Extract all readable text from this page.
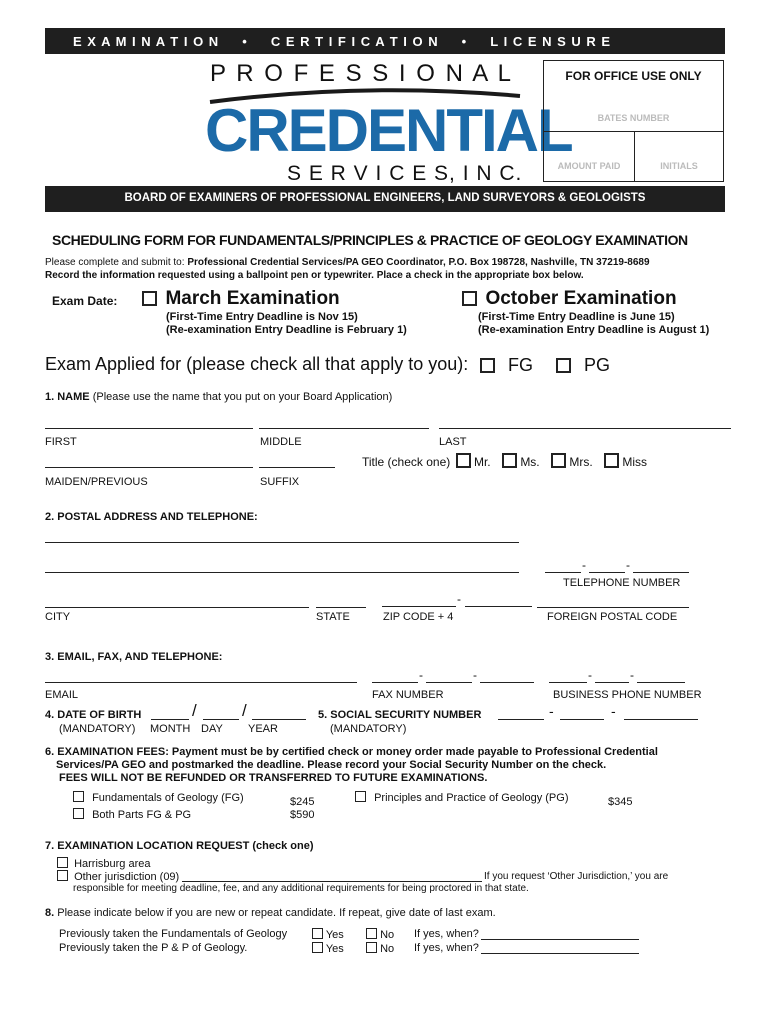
E X A M I N A T I O N     •     C E R T I F I C A T I O N     •     L I C E N S U R E
P R O F E S S I O N A L
CREDENTIAL
S E R V I C E S, I N C.
FOR OFFICE USE ONLY
BATES NUMBER
AMOUNT PAID	INITIALS
BOARD OF EXAMINERS OF PROFESSIONAL ENGINEERS, LAND SURVEYORS & GEOLOGISTS
SCHEDULING FORM FOR FUNDAMENTALS/PRINCIPLES & PRACTICE OF GEOLOGY EXAMINATION
Please complete and submit to: Professional Credential Services/PA GEO Coordinator, P.O. Box 198728, Nashville, TN 37219-8689
Record the information requested using a ballpoint pen or typewriter. Place a check in the appropriate box below.
Exam Date:	March Examination
(First-Time Entry Deadline is Nov 15)
(Re-examination Entry Deadline is February 1)
October Examination
(First-Time Entry Deadline is June 15)
(Re-examination Entry Deadline is August 1)
Exam Applied for (please check all that apply to you):	FG	PG
1. NAME (Please use the name that you put on your Board Application)
FIRST	MIDDLE	LAST
Title (check one) Mr. Ms. Mrs. Miss
MAIDEN/PREVIOUS	SUFFIX
2. POSTAL ADDRESS AND TELEPHONE:
-	-
TELEPHONE NUMBER
-
CITY	STATE	ZIP CODE + 4	FOREIGN POSTAL CODE
3. EMAIL, FAX, AND TELEPHONE:
-	-	-	-
EMAIL	FAX NUMBER	BUSINESS PHONE NUMBER
4. DATE OF BIRTH	/	/
(MANDATORY) MONTH DAY YEAR
5. SOCIAL SECURITY NUMBER	-	-
(MANDATORY)
6. EXAMINATION FEES: Payment must be by certified check or money order made payable to Professional Credential
Services/PA GEO and postmarked the deadline. Please record your Social Security Number on the check.
FEES WILL NOT BE REFUNDED OR TRANSFERRED TO FUTURE EXAMINATIONS.
Fundamentals of Geology (FG)	$245	Principles and Practice of Geology (PG)	$345
Both Parts FG & PG	$590
7. EXAMINATION LOCATION REQUEST (check one)
Harrisburg area
Other jurisdiction (09)	If you request ‘Other Jurisdiction,’ you are
responsible for meeting deadline, fee, and any additional requirements for being proctored in that state.
8. Please indicate below if you are new or repeat candidate. If repeat, give date of last exam.
Previously taken the Fundamentals of Geology	Yes	No If yes, when?
Previously taken the P & P of Geology.	Yes	No If yes, when?
